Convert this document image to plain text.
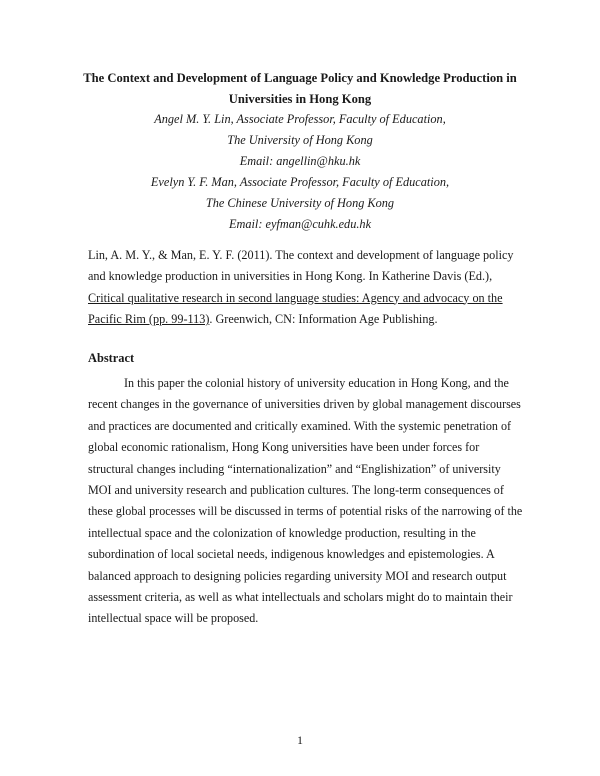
The Context and Development of Language Policy and Knowledge Production in
Universities in Hong Kong
Angel M. Y. Lin, Associate Professor, Faculty of Education,
The University of Hong Kong
Email: angellin@hku.hk
Evelyn Y. F. Man, Associate Professor, Faculty of Education,
The Chinese University of Hong Kong
Email: eyfman@cuhk.edu.hk
Lin, A. M. Y., & Man, E. Y. F. (2011). The context and development of language policy
and knowledge production in universities in Hong Kong. In Katherine Davis (Ed.),
Critical qualitative research in second language studies: Agency and advocacy on the
Pacific Rim (pp. 99-113). Greenwich, CN: Information Age Publishing.
Abstract
In this paper the colonial history of university education in Hong Kong, and the
recent changes in the governance of universities driven by global management discourses
and practices are documented and critically examined. With the systemic penetration of
global economic rationalism, Hong Kong universities have been under forces for
structural changes including “internationalization” and “Englishization” of university
MOI and university research and publication cultures. The long-term consequences of
these global processes will be discussed in terms of potential risks of the narrowing of the
intellectual space and the colonization of knowledge production, resulting in the
subordination of local societal needs, indigenous knowledges and epistemologies. A
balanced approach to designing policies regarding university MOI and research output
assessment criteria, as well as what intellectuals and scholars might do to maintain their
intellectual space will be proposed.
1
